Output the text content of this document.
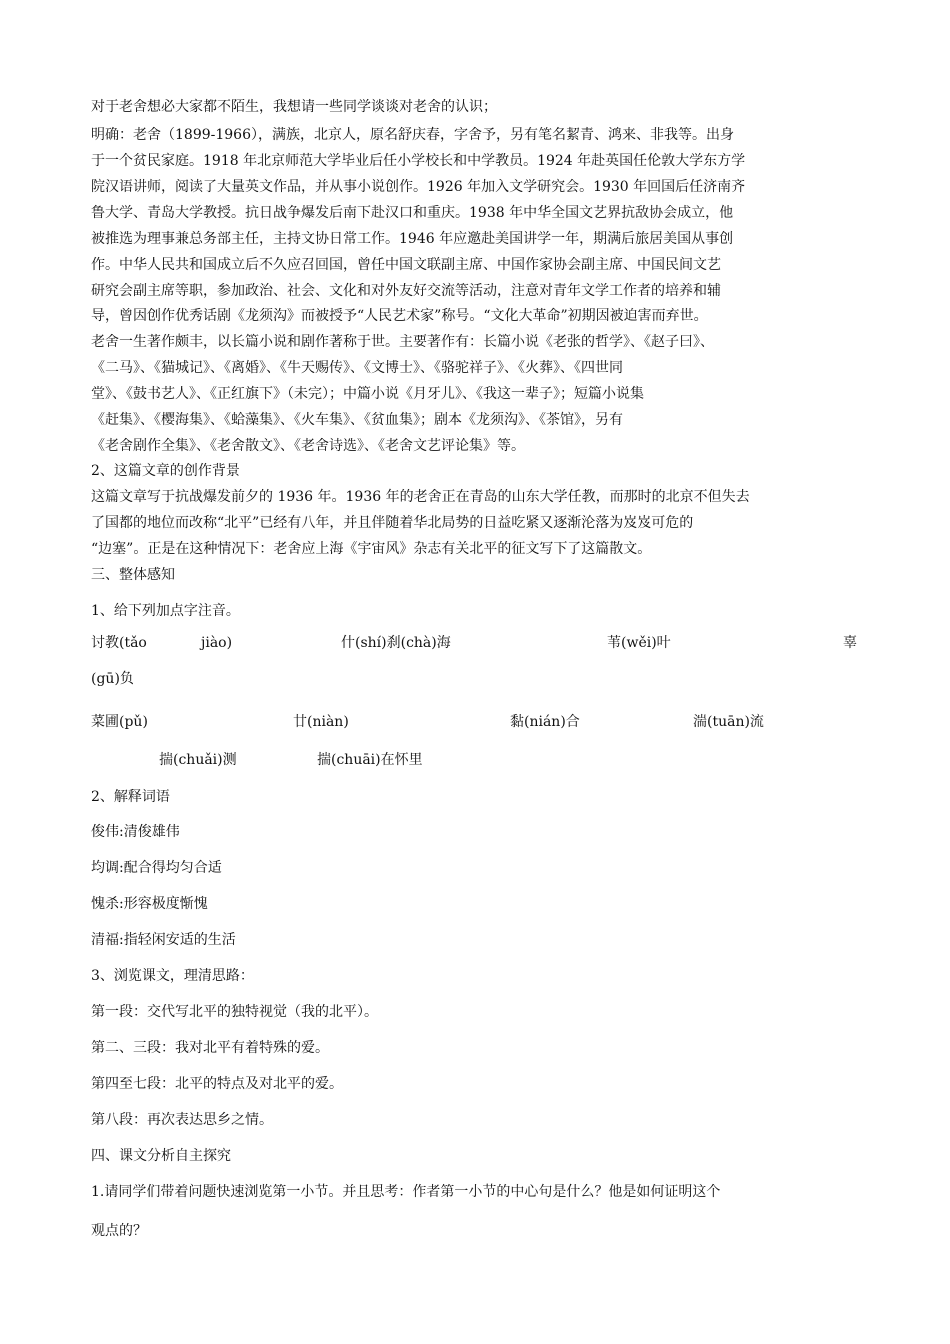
对于老舍想必大家都不陌生，我想请一些同学谈谈对老舍的认识；
明确：老舍（1899-1966），满族，北京人，原名舒庆春，字舍予，另有笔名絜青、鸿来、非我等。出身
于一个贫民家庭。1918 年北京师范大学毕业后任小学校长和中学教员。1924 年赴英国任伦敦大学东方学
院汉语讲师，阅读了大量英文作品，并从事小说创作。1926 年加入文学研究会。1930 年回国后任济南齐
鲁大学、青岛大学教授。抗日战争爆发后南下赴汉口和重庆。1938 年中华全国文艺界抗敌协会成立，他
被推选为理事兼总务部主任，主持文协日常工作。1946 年应邀赴美国讲学一年，期满后旅居美国从事创
作。中华人民共和国成立后不久应召回国，曾任中国文联副主席、中国作家协会副主席、中国民间文艺
研究会副主席等职，参加政治、社会、文化和对外友好交流等活动，注意对青年文学工作者的培养和辅
导，曾因创作优秀话剧《龙须沟》而被授予“人民艺术家”称号。“文化大革命”初期因被迫害而弃世。
老舍一生著作颇丰，以长篇小说和剧作著称于世。主要著作有：长篇小说《老张的哲学》、《赵子曰》、
《二马》、《猫城记》、《离婚》、《牛天赐传》、《文博士》、《骆驼祥子》、《火葬》、《四世同
堂》、《鼓书艺人》、《正红旗下》（未完）；中篇小说《月牙儿》、《我这一辈子》；短篇小说集
《赶集》、《樱海集》、《蛤藻集》、《火车集》、《贫血集》；剧本《龙须沟》、《茶馆》，另有
《老舍剧作全集》、《老舍散文》、《老舍诗选》、《老舍文艺评论集》等。
2、这篇文章的创作背景
这篇文章写于抗战爆发前夕的 1936 年。1936 年的老舍正在青岛的山东大学任教，而那时的北京不但失去
了国都的地位而改称“北平”已经有八年，并且伴随着华北局势的日益吃紧又逐渐沦落为岌岌可危的
“边塞”。正是在这种情况下：老舍应上海《宇宙风》杂志有关北平的征文写下了这篇散文。
三、整体感知
1、给下列加点字注音。
讨教(tǎo	jiào)	什(shí)刹(chà)海	苇(wěi)叶	辜
(gū)负
菜圃(pǔ)	廿(niàn)	黏(nián)合	湍(tuān)流
揣(chuǎi)测	揣(chuāi)在怀里
2、解释词语
俊伟:清俊雄伟
均调:配合得均匀合适
愧杀:形容极度惭愧
清福:指轻闲安适的生活
3、浏览课文，理清思路：
第一段：交代写北平的独特视觉（我的北平）。
第二、三段：我对北平有着特殊的爱。
第四至七段：北平的特点及对北平的爱。
第八段：再次表达思乡之情。
四、课文分析自主探究
1.请同学们带着问题快速浏览第一小节。并且思考：作者第一小节的中心句是什么？他是如何证明这个
观点的？
